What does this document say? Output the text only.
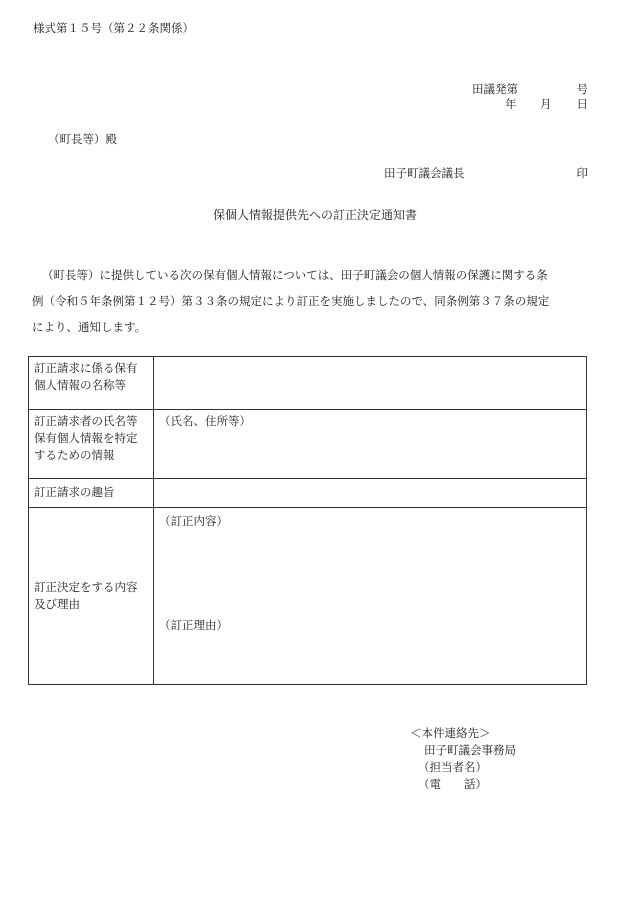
様式第１５号（第２２条関係）
田議発第	号
年 月 日
（町長等）殿
田子町議会議長	印
保個人情報提供先への訂正決定通知書
（町長等）に提供している次の保有個人情報については、田子町議会の個人情報の保護に関する条
例（令和５年条例第１２号）第３３条の規定により訂正を実施しましたので、同条例第３７条の規定
により、通知します。
訂正請求に係る保有
個人情報の名称等	

訂正請求者の氏名等
保有個人情報を特定
するための情報	（氏名、住所等）

訂正請求の趣旨	

訂正決定をする内容
及び理由	（訂正内容）
（訂正理由）
＜本件連絡先＞
田子町議会事務局
（担当者名）
（電　　話）
